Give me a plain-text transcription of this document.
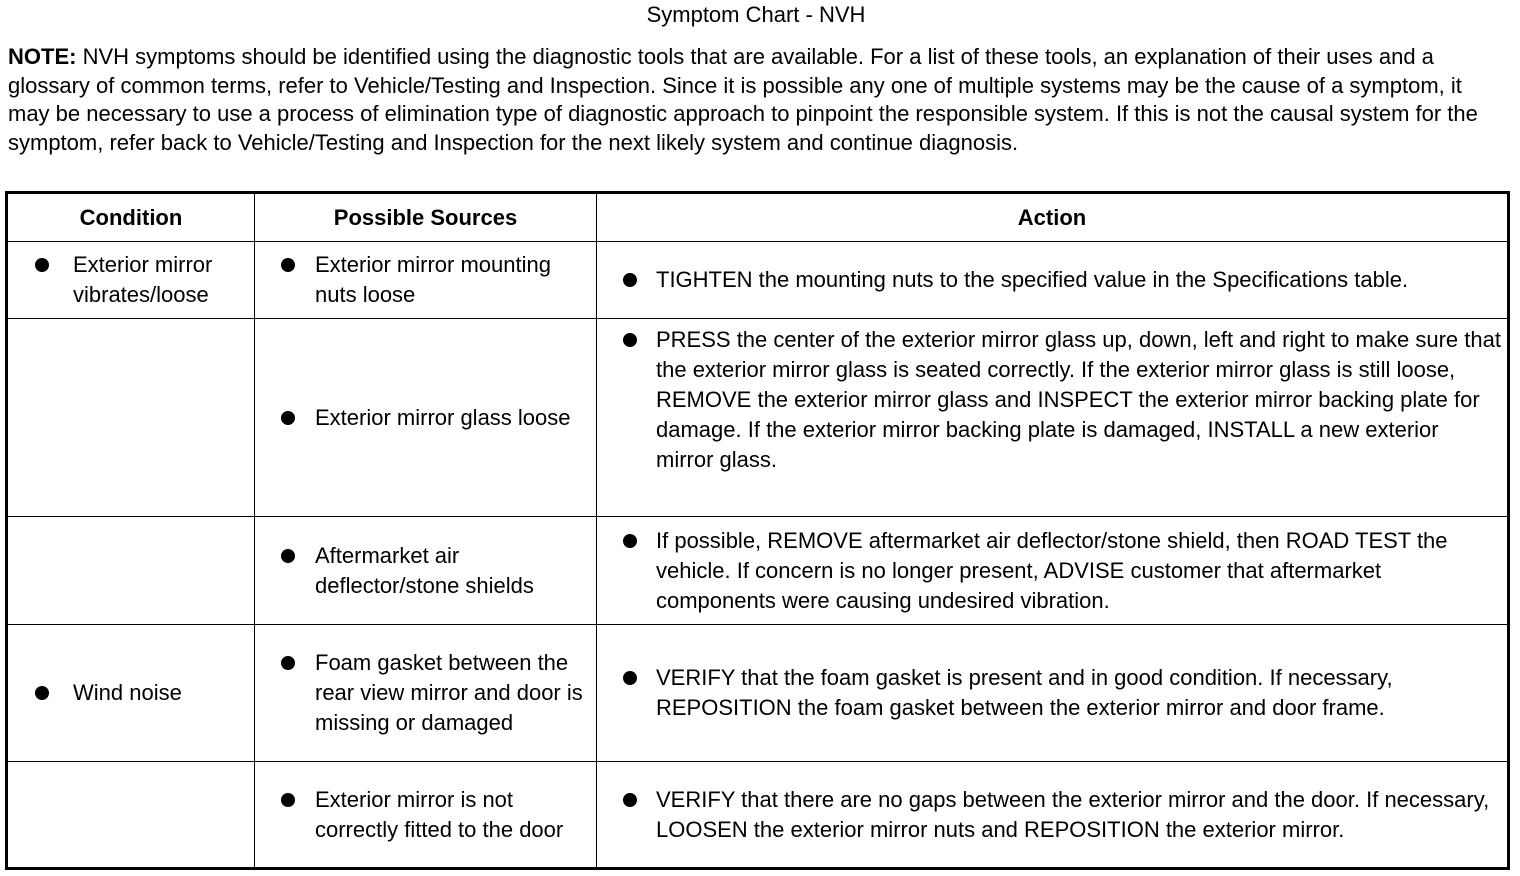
Symptom Chart - NVH
NOTE: NVH symptoms should be identified using the diagnostic tools that are available. For a list of these tools, an explanation of their uses and a glossary of common terms, refer to Vehicle/Testing and Inspection. Since it is possible any one of multiple systems may be the cause of a symptom, it may be necessary to use a process of elimination type of diagnostic approach to pinpoint the responsible system. If this is not the causal system for the symptom, refer back to Vehicle/Testing and Inspection for the next likely system and continue diagnosis.
Condition	Possible Sources	Action

Exterior mirror vibrates/loose	Exterior mirror mounting nuts loose	TIGHTEN the mounting nuts to the specified value in the Specifications table.

	Exterior mirror glass loose	PRESS the center of the exterior mirror glass up, down, left and right to make sure that the exterior mirror glass is seated correctly. If the exterior mirror glass is still loose, REMOVE the exterior mirror glass and INSPECT the exterior mirror backing plate for damage. If the exterior mirror backing plate is damaged, INSTALL a new exterior mirror glass.

	Aftermarket air deflector/stone shields	If possible, REMOVE aftermarket air deflector/stone shield, then ROAD TEST the vehicle. If concern is no longer present, ADVISE customer that aftermarket components were causing undesired vibration.

Wind noise	Foam gasket between the rear view mirror and door is missing or damaged	VERIFY that the foam gasket is present and in good condition. If necessary, REPOSITION the foam gasket between the exterior mirror and door frame.

	Exterior mirror is not correctly fitted to the door	VERIFY that there are no gaps between the exterior mirror and the door. If necessary, LOOSEN the exterior mirror nuts and REPOSITION the exterior mirror.
